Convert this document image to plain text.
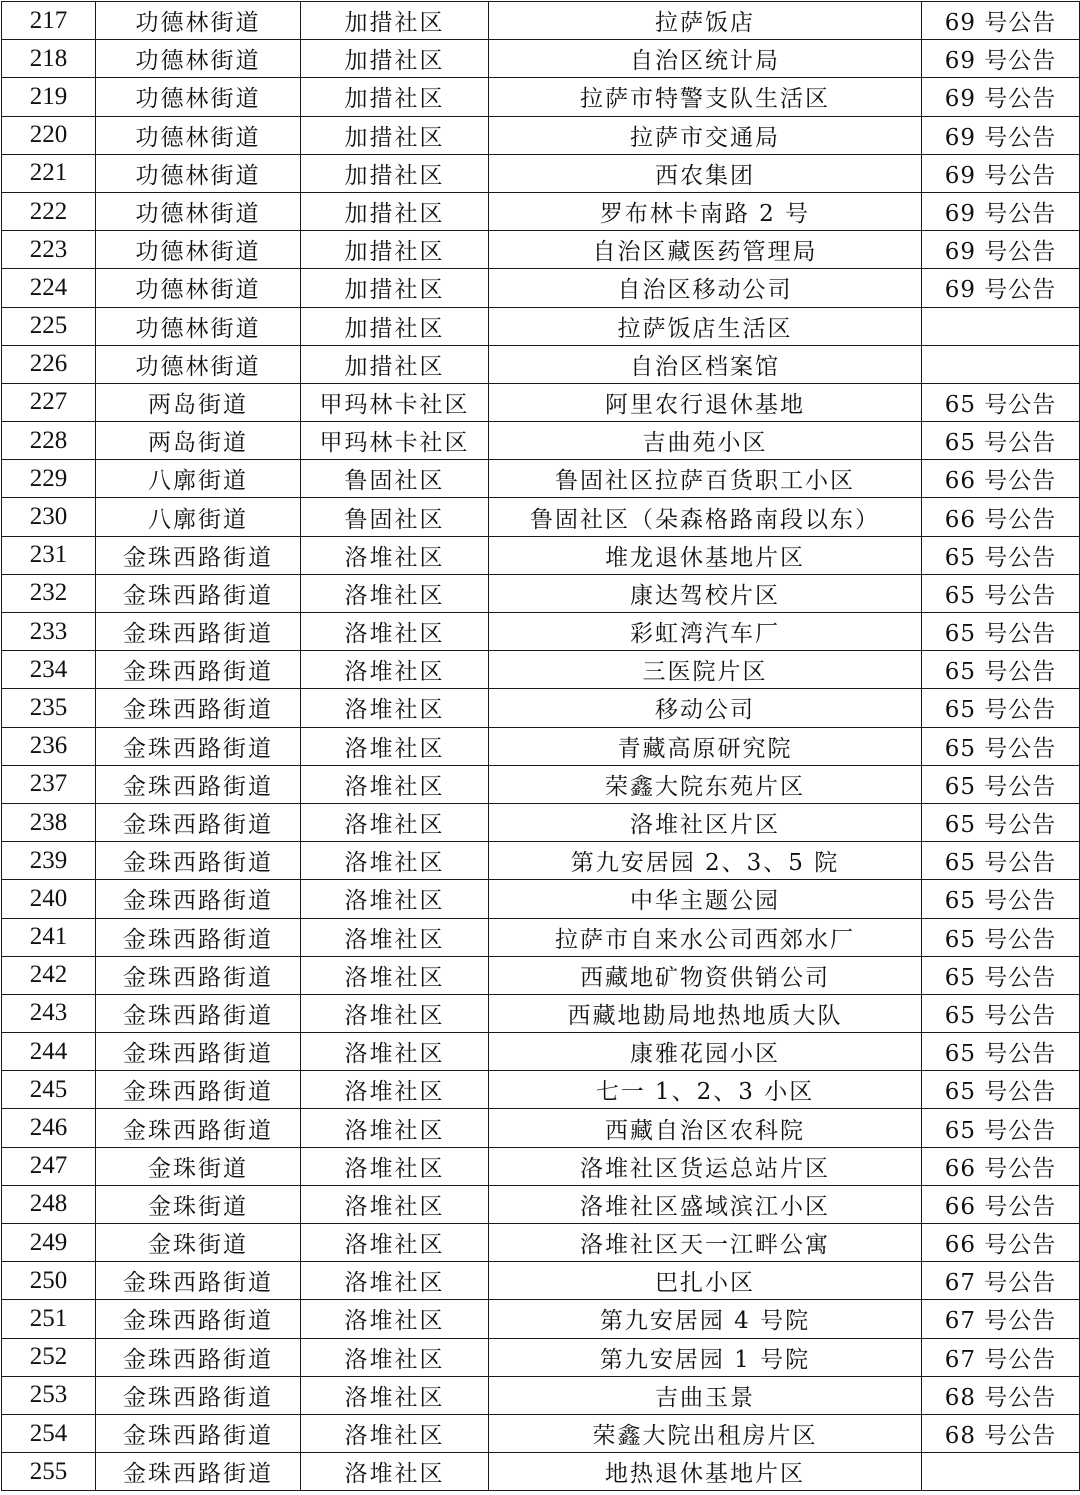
217	功德林街道	加措社区	拉萨饭店	69 号公告
218	功德林街道	加措社区	自治区统计局	69 号公告
219	功德林街道	加措社区	拉萨市特警支队生活区	69 号公告
220	功德林街道	加措社区	拉萨市交通局	69 号公告
221	功德林街道	加措社区	西农集团	69 号公告
222	功德林街道	加措社区	罗布林卡南路 2 号	69 号公告
223	功德林街道	加措社区	自治区藏医药管理局	69 号公告
224	功德林街道	加措社区	自治区移动公司	69 号公告
225	功德林街道	加措社区	拉萨饭店生活区	
226	功德林街道	加措社区	自治区档案馆	
227	两岛街道	甲玛林卡社区	阿里农行退休基地	65 号公告
228	两岛街道	甲玛林卡社区	吉曲苑小区	65 号公告
229	八廓街道	鲁固社区	鲁固社区拉萨百货职工小区	66 号公告
230	八廓街道	鲁固社区	鲁固社区（朵森格路南段以东）	66 号公告
231	金珠西路街道	洛堆社区	堆龙退休基地片区	65 号公告
232	金珠西路街道	洛堆社区	康达驾校片区	65 号公告
233	金珠西路街道	洛堆社区	彩虹湾汽车厂	65 号公告
234	金珠西路街道	洛堆社区	三医院片区	65 号公告
235	金珠西路街道	洛堆社区	移动公司	65 号公告
236	金珠西路街道	洛堆社区	青藏高原研究院	65 号公告
237	金珠西路街道	洛堆社区	荣鑫大院东苑片区	65 号公告
238	金珠西路街道	洛堆社区	洛堆社区片区	65 号公告
239	金珠西路街道	洛堆社区	第九安居园 2、3、5 院	65 号公告
240	金珠西路街道	洛堆社区	中华主题公园	65 号公告
241	金珠西路街道	洛堆社区	拉萨市自来水公司西郊水厂	65 号公告
242	金珠西路街道	洛堆社区	西藏地矿物资供销公司	65 号公告
243	金珠西路街道	洛堆社区	西藏地勘局地热地质大队	65 号公告
244	金珠西路街道	洛堆社区	康雅花园小区	65 号公告
245	金珠西路街道	洛堆社区	七一 1、2、3 小区	65 号公告
246	金珠西路街道	洛堆社区	西藏自治区农科院	65 号公告
247	金珠街道	洛堆社区	洛堆社区货运总站片区	66 号公告
248	金珠街道	洛堆社区	洛堆社区盛域滨江小区	66 号公告
249	金珠街道	洛堆社区	洛堆社区天一江畔公寓	66 号公告
250	金珠西路街道	洛堆社区	巴扎小区	67 号公告
251	金珠西路街道	洛堆社区	第九安居园 4 号院	67 号公告
252	金珠西路街道	洛堆社区	第九安居园 1 号院	67 号公告
253	金珠西路街道	洛堆社区	吉曲玉景	68 号公告
254	金珠西路街道	洛堆社区	荣鑫大院出租房片区	68 号公告
255	金珠西路街道	洛堆社区	地热退休基地片区	
